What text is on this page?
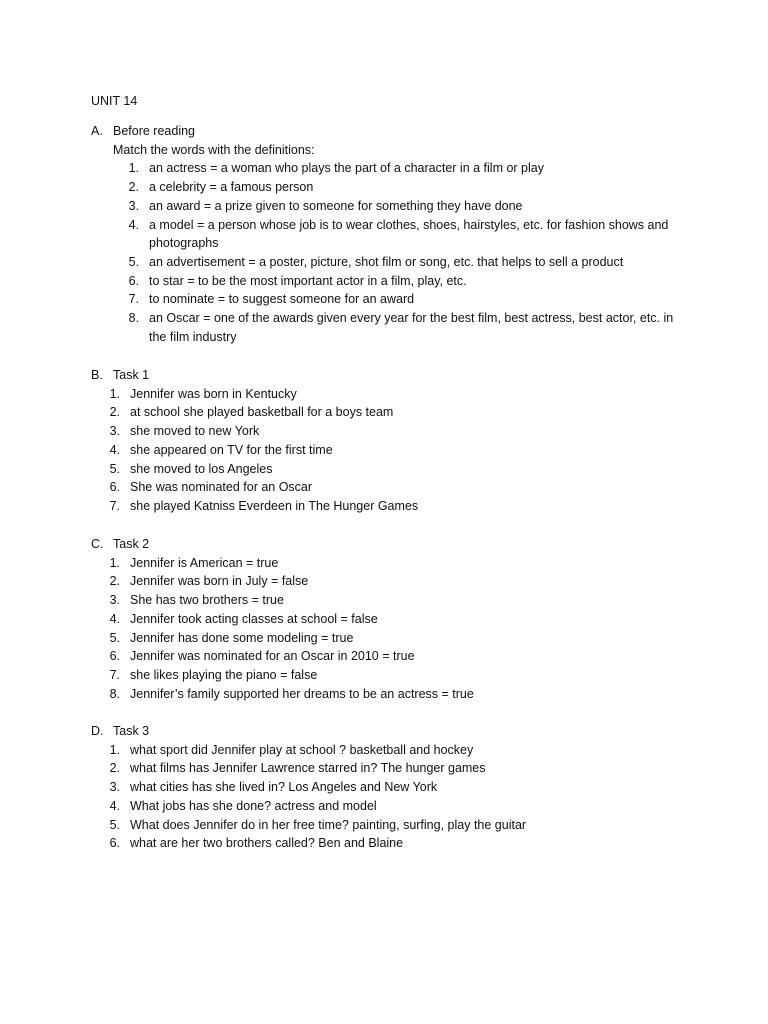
UNIT 14
A. Before reading
Match the words with the definitions:
1. an actress = a woman who plays the part of a character in a film or play
2. a celebrity = a famous person
3. an award = a prize given to someone for something they have done
4. a model = a person whose job is to wear clothes, shoes, hairstyles, etc. for fashion shows and photographs
5. an advertisement = a poster, picture, shot film or song, etc. that helps to sell a product
6. to star = to be the most important actor in a film, play, etc.
7. to nominate = to suggest someone for an award
8. an Oscar = one of the awards given every year for the best film, best actress, best actor, etc. in the film industry
B. Task 1
1. Jennifer was born in Kentucky
2. at school she played basketball for a boys team
3. she moved to new York
4. she appeared on TV for the first time
5. she moved to los Angeles
6. She was nominated for an Oscar
7. she played Katniss Everdeen in The Hunger Games
C. Task 2
1. Jennifer is American = true
2. Jennifer was born in July = false
3. She has two brothers = true
4. Jennifer took acting classes at school = false
5. Jennifer has done some modeling = true
6. Jennifer was nominated for an Oscar in 2010 = true
7. she likes playing the piano = false
8. Jennifer’s family supported her dreams to be an actress = true
D. Task 3
1. what sport did Jennifer play at school ? basketball and hockey
2. what films has Jennifer Lawrence starred in? The hunger games
3. what cities has she lived in? Los Angeles and New York
4. What jobs has she done? actress and model
5. What does Jennifer do in her free time? painting, surfing, play the guitar
6. what are her two brothers called? Ben and Blaine
